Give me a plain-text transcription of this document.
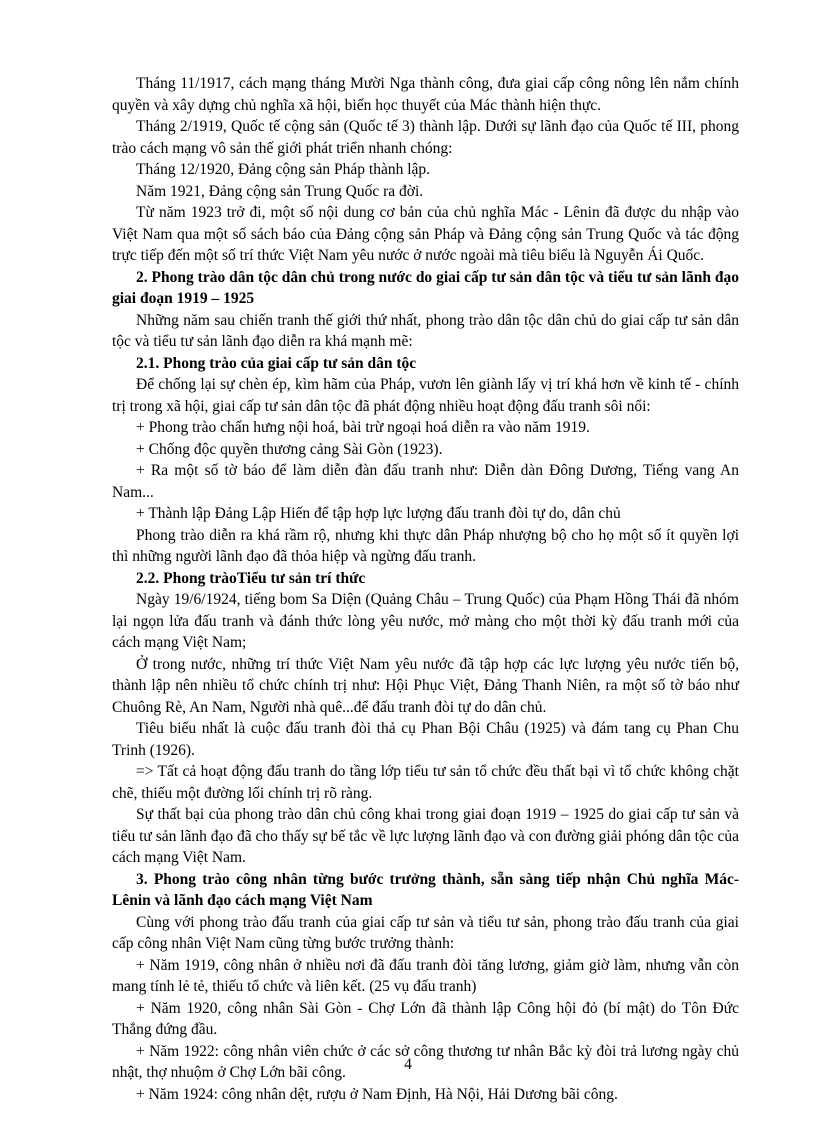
Tháng 11/1917, cách mạng tháng Mười Nga thành công, đưa giai cấp công nông lên nắm chính quyền và xây dựng chủ nghĩa xã hội, biến học thuyết của Mác thành hiện thực.

Tháng 2/1919, Quốc tế cộng sản (Quốc tế 3) thành lập. Dưới sự lãnh đạo của Quốc tế III, phong trào cách mạng vô sản thế giới phát triển nhanh chóng:

Tháng 12/1920, Đảng cộng sản Pháp thành lập.

Năm 1921, Đảng cộng sản Trung Quốc ra đời.

Từ năm 1923 trở đi, một số nội dung cơ bản của chủ nghĩa Mác - Lênin đã được du nhập vào Việt Nam qua một số sách báo của Đảng cộng sản Pháp và Đảng cộng sản Trung Quốc và tác động trực tiếp đến một số trí thức Việt Nam yêu nước ở nước ngoài mà tiêu biểu là Nguyễn Ái Quốc.

2. Phong trào dân tộc dân chủ trong nước do giai cấp tư sản dân tộc và tiểu tư sản lãnh đạo giai đoạn 1919 – 1925

Những năm sau chiến tranh thế giới thứ nhất, phong trào dân tộc dân chủ do giai cấp tư sản dân tộc và tiểu tư sản lãnh đạo diễn ra khá mạnh mẽ:

2.1. Phong trào của giai cấp tư sản dân tộc

Để chống lại sự chèn ép, kìm hãm của Pháp, vươn lên giành lấy vị trí khá hơn về kinh tế - chính trị trong xã hội, giai cấp tư sản dân tộc đã phát động nhiều hoạt động đấu tranh sôi nổi:

+ Phong trào chấn hưng nội hoá, bài trừ ngoại hoá diễn ra vào năm 1919.

+ Chống độc quyền thương cảng Sài Gòn (1923).

+ Ra một số tờ báo để làm diễn đàn đấu tranh như: Diễn dàn Đông Dương, Tiếng vang An Nam...

+ Thành lập Đảng Lập Hiến để tập hợp lực lượng đấu tranh đòi tự do, dân chủ

Phong trào diễn ra khá rầm rộ, nhưng khi thực dân Pháp nhượng bộ cho họ một số ít quyền lợi thì những người lãnh đạo đã thỏa hiệp và ngừng đấu tranh.

2.2. Phong tràoTiểu tư sản trí thức

Ngày 19/6/1924, tiếng bom Sa Diện (Quảng Châu – Trung Quốc) của Phạm Hồng Thái đã nhóm lại ngọn lửa đấu tranh và đánh thức lòng yêu nước, mở màng cho một thời kỳ đấu tranh mới của cách mạng Việt Nam;

Ở trong nước, những trí thức Việt Nam yêu nước đã tập hợp các lực lượng yêu nước tiến bộ, thành lập nên nhiều tổ chức chính trị như: Hội Phục Việt, Đảng Thanh Niên, ra một số tờ báo như Chuông Rè, An Nam, Người nhà quê...để đấu tranh đòi tự do dân chủ.

Tiêu biểu nhất là cuộc đấu tranh đòi thả cụ Phan Bội Châu (1925) và đám tang cụ Phan Chu Trinh (1926).

=> Tất cả hoạt động đấu tranh do tầng lớp tiểu tư sản tổ chức đều thất bại vì tổ chức không chặt chẽ, thiếu một đường lối chính trị rõ ràng.

Sự thất bại của phong trào dân chủ công khai trong giai đoạn 1919 – 1925 do giai cấp tư sản và tiểu tư sản lãnh đạo đã cho thấy sự bế tắc về lực lượng lãnh đạo và con đường giải phóng dân tộc của cách mạng Việt Nam.

3. Phong trào công nhân từng bước trưởng thành, sẵn sàng tiếp nhận Chủ nghĩa Mác-Lênin và lãnh đạo cách mạng Việt Nam

Cùng với phong trào đấu tranh của giai cấp tư sản và tiểu tư sản, phong trào đấu tranh của giai cấp công nhân Việt Nam cũng từng bước trưởng thành:

+ Năm 1919, công nhân ở nhiều nơi đã đấu tranh đòi tăng lương, giảm giờ làm, nhưng vẫn còn mang tính lẻ tẻ, thiếu tổ chức và liên kết. (25 vụ đấu tranh)

+ Năm 1920, công nhân Sài Gòn - Chợ Lớn đã thành lập Công hội đỏ (bí mật) do Tôn Đức Thắng đứng đầu.

+ Năm 1922: công nhân viên chức ở các sở công thương tư nhân Bắc kỳ đòi trả lương ngày chủ nhật, thợ nhuộm ở Chợ Lớn bãi công.

+ Năm 1924: công nhân dệt, rượu ở Nam Định, Hà Nội, Hải Dương bãi công.

4
